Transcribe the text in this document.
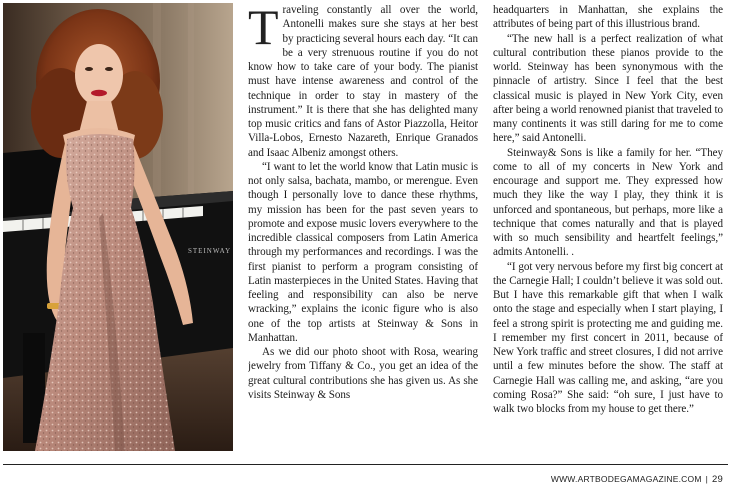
STEINWAY

Traveling constantly all over the world, Antonelli makes sure she stays at her best by practicing several hours each day. “It can be a very strenuous routine if you do not know how to take care of your body. The pianist must have intense awareness and control of the technique in order to stay in mastery of the instrument.” It is there that she has delighted many top music critics and fans of Astor Piazzolla, Heitor Villa-Lobos, Ernesto Nazareth, Enrique Granados and Isaac Albeniz amongst others.

“I want to let the world know that Latin music is not only salsa, bachata, mambo, or merengue. Even though I personally love to dance these rhythms, my mission has been for the past seven years to promote and expose music lovers everywhere to the incredible classical composers from Latin America through my performances and recordings. I was the first pianist to perform a program consisting of Latin masterpieces in the United States. Having that feeling and responsibility can also be nerve wracking,” explains the iconic figure who is also one of the top artists at Steinway & Sons in Manhattan.

As we did our photo shoot with Rosa, wearing jewelry from Tiffany & Co., you get an idea of the great cultural contributions she has given us. As she visits Steinway & Sons

headquarters in Manhattan, she explains the attributes of being part of this illustrious brand.

“The new hall is a perfect realization of what cultural contribution these pianos provide to the world. Steinway has been synonymous with the pinnacle of artistry. Since I feel that the best classical music is played in New York City, even after being a world renowned pianist that traveled to many continents it was still daring for me to come here,” said Antonelli.

Steinway& Sons is like a family for her. “They come to all of my concerts in New York and encourage and support me. They expressed how much they like the way I play, they think it is unforced and spontaneous, but perhaps, more like a technique that comes naturally and that is played with so much sensibility and heartfelt feelings,” admits Antonelli. .

“I got very nervous before my first big concert at the Carnegie Hall; I couldn’t believe it was sold out. But I have this remarkable gift that when I walk onto the stage and especially when I start playing, I feel a strong spirit is protecting me and guiding me. I remember my first concert in 2011, because of New York traffic and street closures, I did not arrive until a few minutes before the show. The staff at Carnegie Hall was calling me, and asking, “are you coming Rosa?” She said: “oh sure, I just have to walk two blocks from my house to get there.”

WWW.ARTBODEGAMAGAZINE.COM | 29
